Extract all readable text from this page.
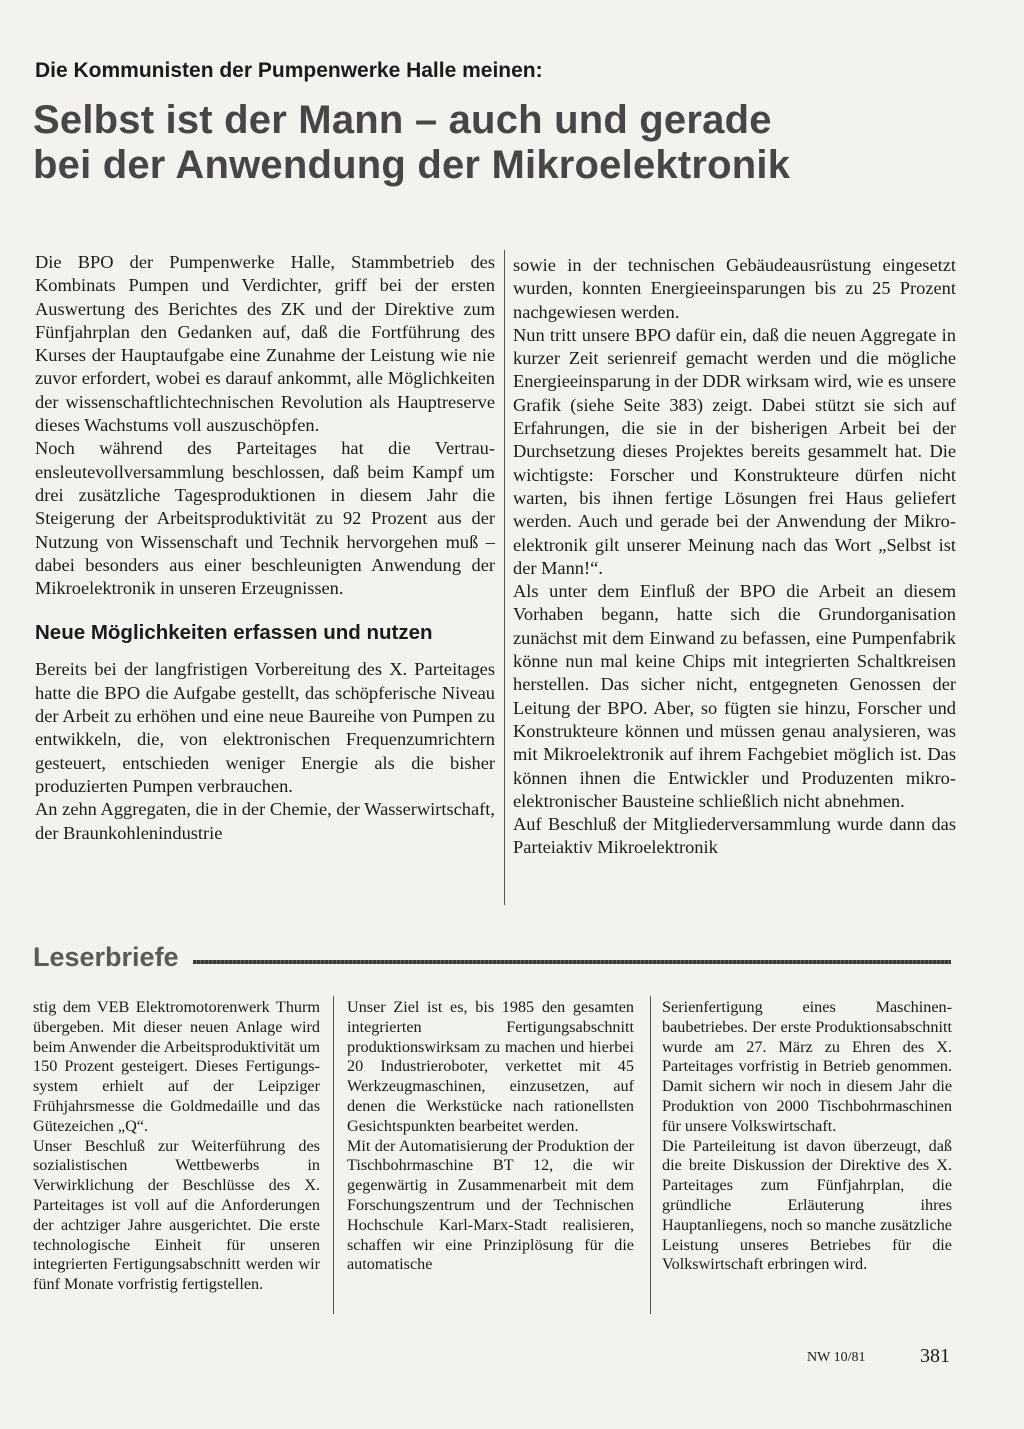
Die Kommunisten der Pumpenwerke Halle meinen:
Selbst ist der Mann – auch und gerade
bei der Anwendung der Mikroelektronik

Die BPO der Pumpenwerke Halle, Stammbetrieb des Kombinats Pumpen und Verdichter, griff bei der ersten Auswertung des Berichtes des ZK und der Direktive zum Fünfjahrplan den Gedanken auf, daß die Fortführung des Kurses der Hauptaufgabe eine Zunahme der Leistung wie nie zuvor erfordert, wobei es darauf ankommt, alle Möglichkeiten der wissenschaftlichtechnischen Revolution als Hauptreserve dieses Wachstums voll auszuschöpfen.

Noch während des Parteitages hat die Vertrauensleutevollversammlung beschlossen, daß beim Kampf um drei zusätzliche Tagesproduktionen in diesem Jahr die Steigerung der Arbeitsproduktivität zu 92 Prozent aus der Nutzung von Wissenschaft und Technik hervorgehen muß – dabei besonders aus einer beschleunigten Anwendung der Mikroelektronik in unseren Erzeugnissen.

Neue Möglichkeiten erfassen und nutzen

Bereits bei der langfristigen Vorbereitung des X. Parteitages hatte die BPO die Aufgabe gestellt, das schöpferische Niveau der Arbeit zu erhöhen und eine neue Baureihe von Pumpen zu entwikkeln, die, von elektronischen Frequenzumrichtern gesteuert, entschieden weniger Energie als die bisher produzierten Pumpen verbrauchen.

An zehn Aggregaten, die in der Chemie, der Wasserwirtschaft, der Braunkohlenindustrie

sowie in der technischen Gebäudeausrüstung eingesetzt wurden, konnten Energieeinsparungen bis zu 25 Prozent nachgewiesen werden.

Nun tritt unsere BPO dafür ein, daß die neuen Aggregate in kurzer Zeit serienreif gemacht werden und die mögliche Energieeinsparung in der DDR wirksam wird, wie es unsere Grafik (siehe Seite 383) zeigt. Dabei stützt sie sich auf Erfahrungen, die sie in der bisherigen Arbeit bei der Durchsetzung dieses Projektes bereits gesammelt hat. Die wichtigste: Forscher und Konstrukteure dürfen nicht warten, bis ihnen fertige Lösungen frei Haus geliefert werden. Auch und gerade bei der Anwendung der Mikroelektronik gilt unserer Meinung nach das Wort „Selbst ist der Mann!“.

Als unter dem Einfluß der BPO die Arbeit an diesem Vorhaben begann, hatte sich die Grundorganisation zunächst mit dem Einwand zu befassen, eine Pumpenfabrik könne nun mal keine Chips mit integrierten Schaltkreisen herstellen. Das sicher nicht, entgegneten Genossen der Leitung der BPO. Aber, so fügten sie hinzu, Forscher und Konstrukteure können und müssen genau analysieren, was mit Mikroelektronik auf ihrem Fachgebiet möglich ist. Das können ihnen die Entwickler und Produzenten mikroelektronischer Bausteine schließlich nicht abnehmen.

Auf Beschluß der Mitgliederversammlung wurde dann das Parteiaktiv Mikroelektronik

Leserbriefe

stig dem VEB Elektromotorenwerk Thurm übergeben. Mit dieser neuen Anlage wird beim Anwender die Arbeitsproduktivität um 150 Prozent gesteigert. Dieses Fertigungssystem erhielt auf der Leipziger Frühjahrsmesse die Goldmedaille und das Gütezeichen „Q“.

Unser Beschluß zur Weiterführung des sozialistischen Wettbewerbs in Verwirklichung der Beschlüsse des X. Parteitages ist voll auf die Anforderungen der achtziger Jahre ausgerichtet. Die erste technologische Einheit für unseren integrierten Fertigungsabschnitt werden wir fünf Monate vorfristig fertigstellen.

Unser Ziel ist es, bis 1985 den gesamten integrierten Fertigungsabschnitt produktionswirksam zu machen und hierbei 20 Industrieroboter, verkettet mit 45 Werkzeugmaschinen, einzusetzen, auf denen die Werkstücke nach rationellsten Gesichtspunkten bearbeitet werden.

Mit der Automatisierung der Produktion der Tischbohrmaschine BT 12, die wir gegenwärtig in Zusammenarbeit mit dem Forschungszentrum und der Technischen Hochschule Karl-Marx-Stadt realisieren, schaffen wir eine Prinziplösung für die automatische

Serienfertigung eines Maschinenbaubetriebes. Der erste Produktionsabschnitt wurde am 27. März zu Ehren des X. Parteitages vorfristig in Betrieb genommen. Damit sichern wir noch in diesem Jahr die Produktion von 2000 Tischbohrmaschinen für unsere Volkswirtschaft.

Die Parteileitung ist davon überzeugt, daß die breite Diskussion der Direktive des X. Parteitages zum Fünfjahrplan, die gründliche Erläuterung ihres Hauptanliegens, noch so manche zusätzliche Leistung unseres Betriebes für die Volkswirtschaft erbringen wird.

NW 10/81	381
